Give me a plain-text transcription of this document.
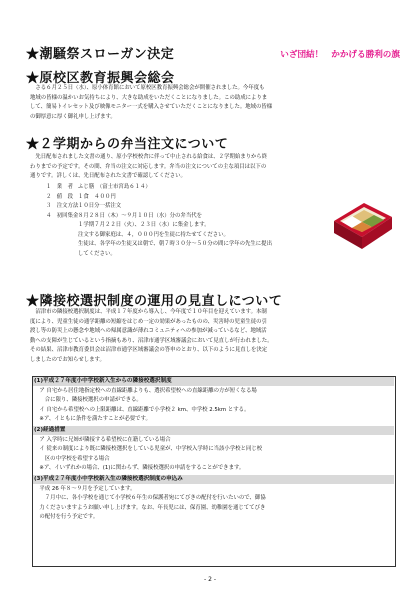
★潮騒祭スローガン決定	いざ団結！ かかげる勝利の旗
★原校区教育振興会総会
　さる６月２５日（水）、原小体育館において原校区教育振興会総会が開催されました。今年度も
地域の皆様の温かいお気持ちにより、大きな助成をいただくことになりました。この助成によりま
して、簡易トイレセット及び映像モニター一式を購入させていただくことになりました。地域の皆様
の御厚意に厚く御礼申し上げます。
★２学期からの弁当注文について
　先日配布されました文書の通り、原小学校校舎に伴って中止される給食は、２学期始まりから終
わりまでの予定です。その間、弁当の注文に対応します。弁当の注文についての主な項目は以下の
通りです。詳しくは、先日配布された文書で確認してください。
１　業　者 ふじ膳　（富士市宮島６１４）
２　値　段 １食　４００円
３　注文方法１０日分一括注文
４　初回集金８月２８日（木）〜９月１０日（水）分の弁当代を
１学期７月２２日（火）、２３日（水）に集金します。
注文する御家庭は、４，０００円を生徒に持たせてください。
生徒は、各学年の生徒又は朝で、朝７時３０分〜５０分の間に学年の先生に提出
してください。
★隣接校選択制度の運用の見直しについて
　沼津市の隣接校選択制度は、平成１７年度から導入し、今年度で１０年目を迎えています。本制
度により、児童生徒の通学距離の短縮をはじめ一定の効果があったものの、災害時の児童生徒の引
渡し等の防災上の懸念や地域への帰属意識が薄れコミュニティへの参加が減っているなど、地域活
動への支障が生じているという指摘もあり、沼津市通学区域審議会において見直しが行われました。
その結果、沼津市教育委員会は沼津市通学区域審議会の答申のとおり、以下のように見直しを決定
しましたのでお知らせします。
(1)平成２７年度小中学校新入生からの隣接校選択制度
　ア 自宅から居住地指定校への直線距離よりも、選択希望校への直線距離の方が短くなる場
　　合に限り、隣接校選択の申請ができる。
　イ 自宅から希望校への上限距離は、直線距離で小学校２ km、中学校 2.5km とする。
　※ア、イともに条件を満たすことが必要です。
(2)経過措置
　ア 入学時に兄姉が隣接する希望校に在籍している場合
　イ 従来の制度により既に隣接校選択をしている児童が、中学校入学時に当該小学校と同じ校
　　区の中学校を希望する場合
　※ア、イいずれかの場合、(1)に関わらず、隣接校選択の申請をすることができます。
(3)平成２７年度小中学校新入生の隣接校選択制度の申込み
　平成 26 年８〜９月を予定しています。
　　７月中に、各小学校を通じて小学校６年生の保護者宛にてびきの配付を行いたいので、御協
　力くださいますようお願い申し上げます。なお、年長児には、保育園、幼稚園を通じててびき
　の配付を行う予定です。
- 2 -
